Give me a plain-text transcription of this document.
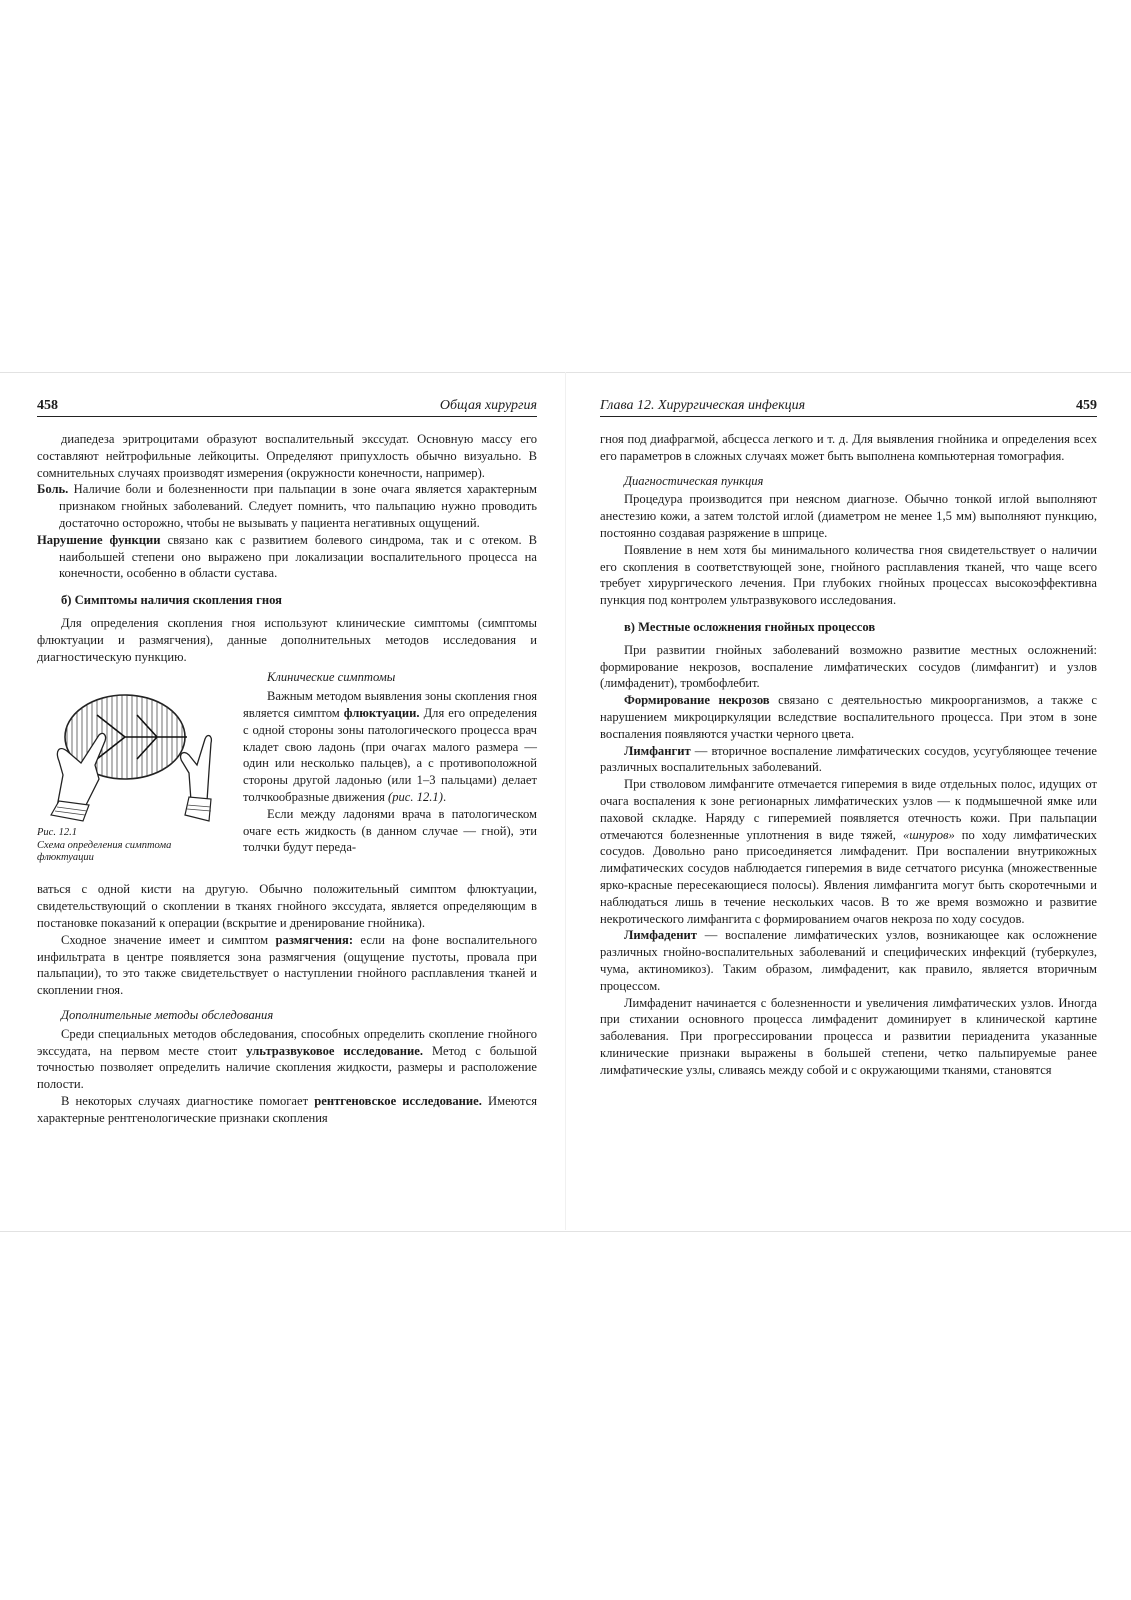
458	Общая хирургия

диапедеза эритроцитами образуют воспалительный экссудат. Основную массу его составляют нейтрофильные лейкоциты. Определяют припухлость обычно визуально. В сомнительных случаях производят измерения (окружности конечности, например).

Боль. Наличие боли и болезненности при пальпации в зоне очага является характерным признаком гнойных заболеваний. Следует помнить, что пальпацию нужно проводить достаточно осторожно, чтобы не вызывать у пациента негативных ощущений.

Нарушение функции связано как с развитием болевого синдрома, так и с отеком. В наибольшей степени оно выражено при локализации воспалительного процесса на конечности, особенно в области сустава.

б) Симптомы наличия скопления гноя

Для определения скопления гноя используют клинические симптомы (симптомы флюктуации и размягчения), данные дополнительных методов исследования и диагностическую пункцию.

Рис. 12.1
Схема определения симптома флюктуации

Клинические симптомы

Важным методом выявления зоны скопления гноя является симптом флюктуации. Для его определения с одной стороны зоны патологического процесса врач кладет свою ладонь (при очагах малого размера — один или несколько пальцев), а с противоположной стороны другой ладонью (или 1–3 пальцами) делает толчкообразные движения (рис. 12.1).

Если между ладонями врача в патологическом очаге есть жидкость (в данном случае — гной), эти толчки будут переда-

ваться с одной кисти на другую. Обычно положительный симптом флюктуации, свидетельствующий о скоплении в тканях гнойного экссудата, является определяющим в постановке показаний к операции (вскрытие и дренирование гнойника).

Сходное значение имеет и симптом размягчения: если на фоне воспалительного инфильтрата в центре появляется зона размягчения (ощущение пустоты, провала при пальпации), то это также свидетельствует о наступлении гнойного расплавления тканей и скоплении гноя.

Дополнительные методы обследования

Среди специальных методов обследования, способных определить скопление гнойного экссудата, на первом месте стоит ультразвуковое исследование. Метод с большой точностью позволяет определить наличие скопления жидкости, размеры и расположение полости.

В некоторых случаях диагностике помогает рентгеновское исследование. Имеются характерные рентгенологические признаки скопления

Глава 12. Хирургическая инфекция	459

гноя под диафрагмой, абсцесса легкого и т. д. Для выявления гнойника и определения всех его параметров в сложных случаях может быть выполнена компьютерная томография.

Диагностическая пункция

Процедура производится при неясном диагнозе. Обычно тонкой иглой выполняют анестезию кожи, а затем толстой иглой (диаметром не менее 1,5 мм) выполняют пункцию, постоянно создавая разряжение в шприце.

Появление в нем хотя бы минимального количества гноя свидетельствует о наличии его скопления в соответствующей зоне, гнойного расплавления тканей, что чаще всего требует хирургического лечения. При глубоких гнойных процессах высокоэффективна пункция под контролем ультразвукового исследования.

в) Местные осложнения гнойных процессов

При развитии гнойных заболеваний возможно развитие местных осложнений: формирование некрозов, воспаление лимфатических сосудов (лимфангит) и узлов (лимфаденит), тромбофлебит.

Формирование некрозов связано с деятельностью микроорганизмов, а также с нарушением микроциркуляции вследствие воспалительного процесса. При этом в зоне воспаления появляются участки черного цвета.

Лимфангит — вторичное воспаление лимфатических сосудов, усугубляющее течение различных воспалительных заболеваний.

При стволовом лимфангите отмечается гиперемия в виде отдельных полос, идущих от очага воспаления к зоне регионарных лимфатических узлов — к подмышечной ямке или паховой складке. Наряду с гиперемией появляется отечность кожи. При пальпации отмечаются болезненные уплотнения в виде тяжей, «шнуров» по ходу лимфатических сосудов. Довольно рано присоединяется лимфаденит. При воспалении внутрикожных лимфатических сосудов наблюдается гиперемия в виде сетчатого рисунка (множественные ярко-красные пересекающиеся полосы). Явления лимфангита могут быть скоротечными и наблюдаться лишь в течение нескольких часов. В то же время возможно и развитие некротического лимфангита с формированием очагов некроза по ходу сосудов.

Лимфаденит — воспаление лимфатических узлов, возникающее как осложнение различных гнойно-воспалительных заболеваний и специфических инфекций (туберкулез, чума, актиномикоз). Таким образом, лимфаденит, как правило, является вторичным процессом.

Лимфаденит начинается с болезненности и увеличения лимфатических узлов. Иногда при стихании основного процесса лимфаденит доминирует в клинической картине заболевания. При прогрессировании процесса и развитии периаденита указанные клинические признаки выражены в большей степени, четко пальпируемые ранее лимфатические узлы, сливаясь между собой и с окружающими тканями, становятся
